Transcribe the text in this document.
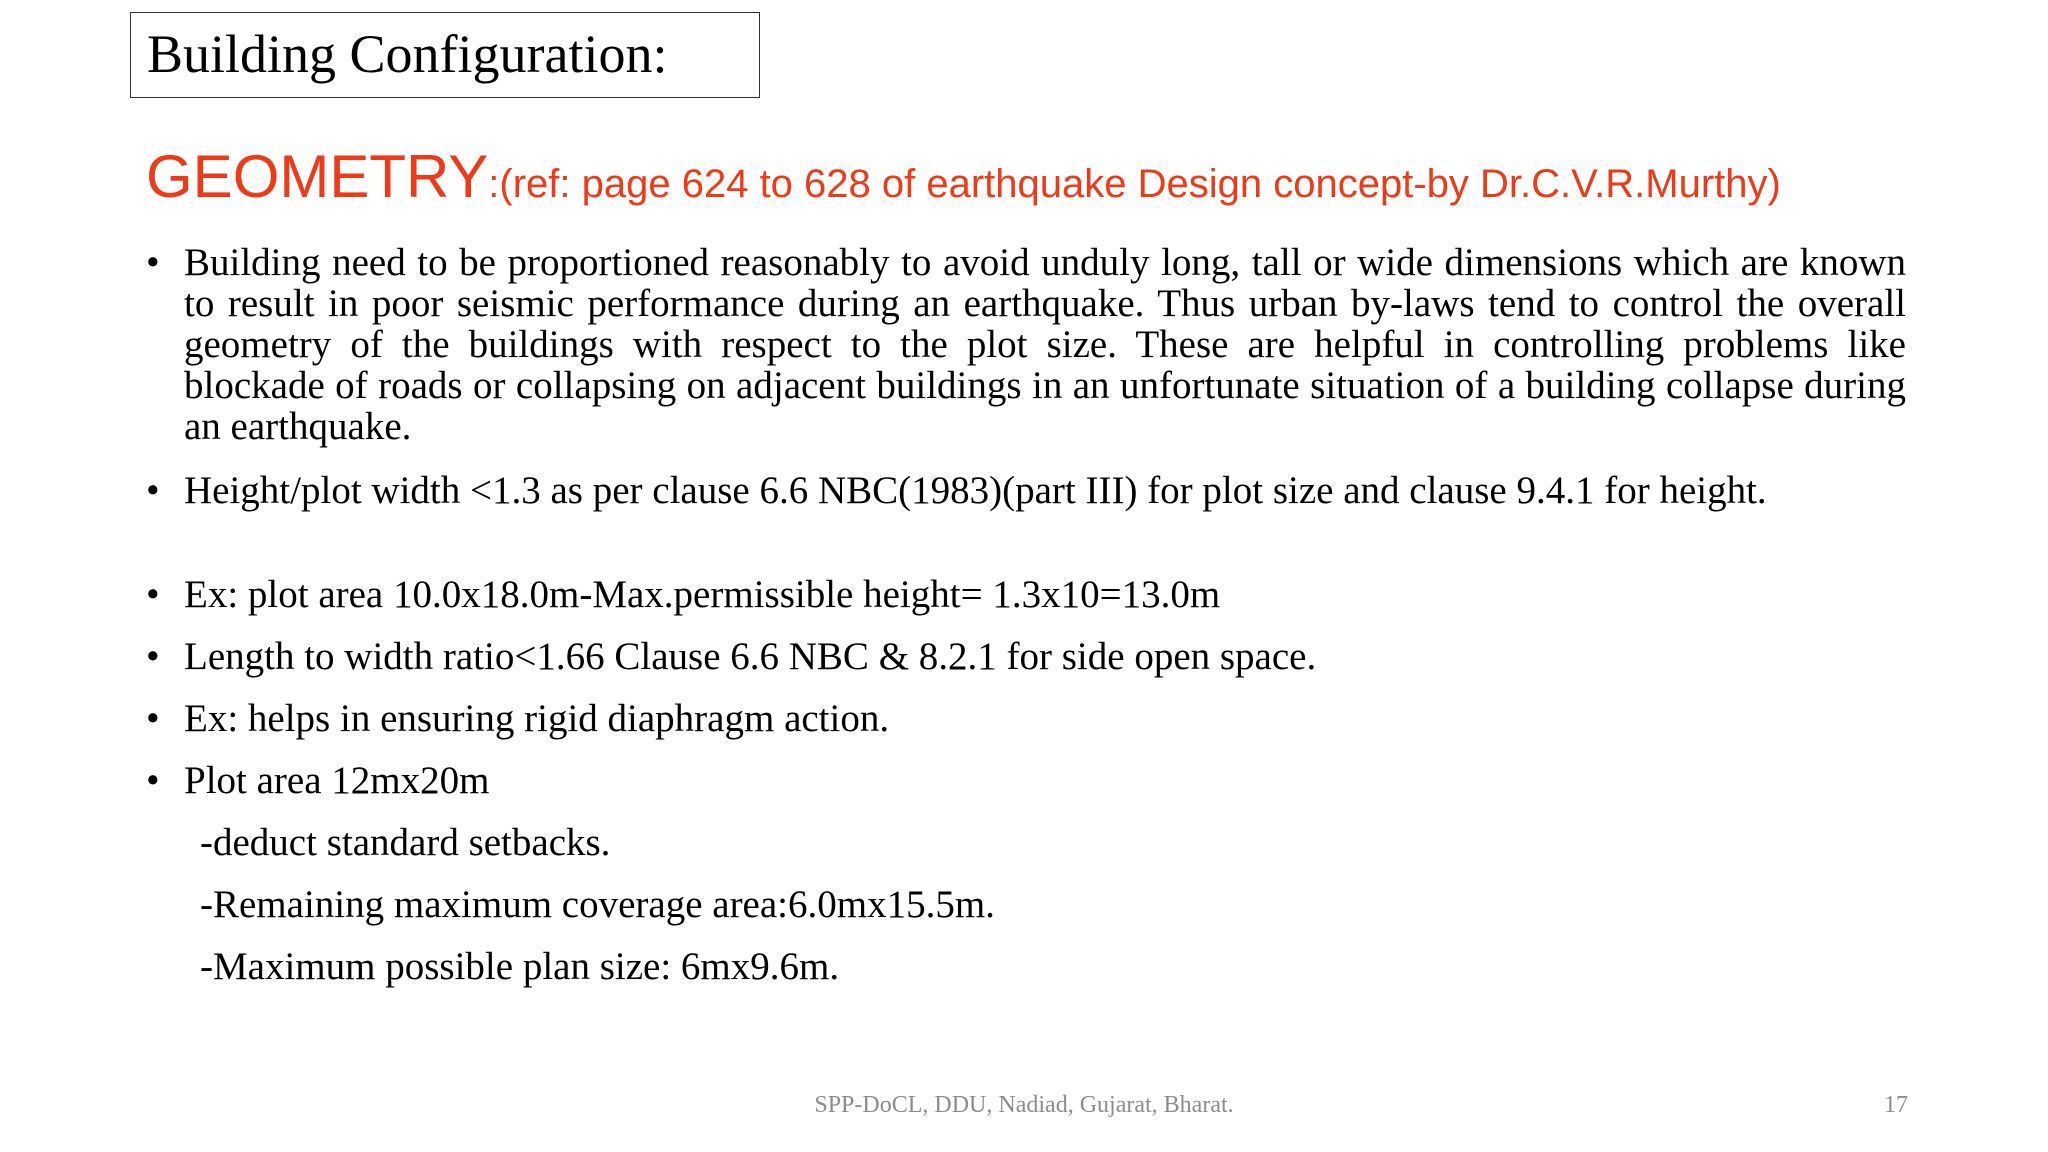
Building Configuration:
GEOMETRY:(ref: page 624 to 628 of earthquake Design concept-by Dr.C.V.R.Murthy)
• Building need to be proportioned reasonably to avoid unduly long, tall or wide dimensions which are known to result in poor seismic performance during an earthquake. Thus urban by-laws tend to control the overall geometry of the buildings with respect to the plot size. These are helpful in controlling problems like blockade of roads or collapsing on adjacent buildings in an unfortunate situation of a building collapse during an earthquake.
• Height/plot width <1.3 as per clause 6.6 NBC(1983)(part III) for plot size and clause 9.4.1 for height.
• Ex: plot area 10.0x18.0m-Max.permissible height= 1.3x10=13.0m
• Length to width ratio<1.66 Clause 6.6 NBC & 8.2.1 for side open space.
• Ex: helps in ensuring rigid diaphragm action.
• Plot area 12mx20m
-deduct standard setbacks.
-Remaining maximum coverage area:6.0mx15.5m.
-Maximum possible plan size: 6mx9.6m.
SPP-DoCL, DDU, Nadiad, Gujarat, Bharat.	17
